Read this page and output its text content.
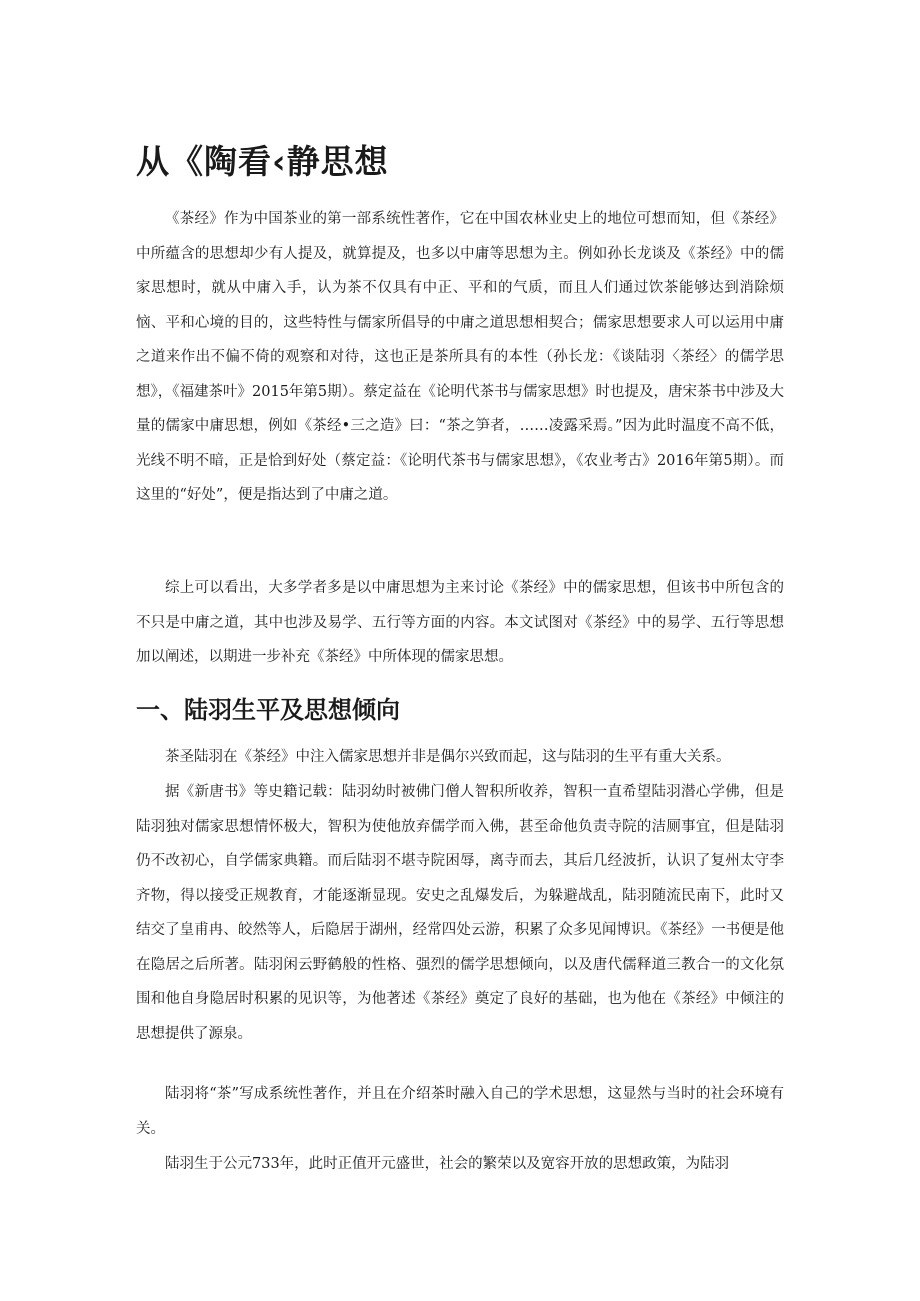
从《陶看‹静思想

《茶经》作为中国茶业的第一部系统性著作，它在中国农林业史上的地位可想而知，但《茶经》中所蕴含的思想却少有人提及，就算提及，也多以中庸等思想为主。例如孙长龙谈及《茶经》中的儒家思想时，就从中庸入手，认为茶不仅具有中正、平和的气质，而且人们通过饮茶能够达到消除烦恼、平和心境的目的，这些特性与儒家所倡导的中庸之道思想相契合；儒家思想要求人可以运用中庸之道来作出不偏不倚的观察和对待，这也正是茶所具有的本性（孙长龙：《谈陆羽〈茶经〉的儒学思想》，《福建茶叶》2015年第5期）。蔡定益在《论明代茶书与儒家思想》时也提及，唐宋茶书中涉及大量的儒家中庸思想，例如《茶经•三之造》曰：“茶之笋者，……凌露采焉。”因为此时温度不高不低，光线不明不暗，正是恰到好处（蔡定益：《论明代茶书与儒家思想》，《农业考古》2016年第5期）。而这里的“好处”，便是指达到了中庸之道。

综上可以看出，大多学者多是以中庸思想为主来讨论《茶经》中的儒家思想，但该书中所包含的不只是中庸之道，其中也涉及易学、五行等方面的内容。本文试图对《茶经》中的易学、五行等思想加以阐述，以期进一步补充《茶经》中所体现的儒家思想。

一、陆羽生平及思想倾向

茶圣陆羽在《茶经》中注入儒家思想并非是偶尔兴致而起，这与陆羽的生平有重大关系。

据《新唐书》等史籍记载：陆羽幼时被佛门僧人智积所收养，智积一直希望陆羽潜心学佛，但是陆羽独对儒家思想情怀极大，智积为使他放弃儒学而入佛，甚至命他负责寺院的洁厕事宜，但是陆羽仍不改初心，自学儒家典籍。而后陆羽不堪寺院困辱，离寺而去，其后几经波折，认识了复州太守李齐物，得以接受正规教育，才能逐渐显现。安史之乱爆发后，为躲避战乱，陆羽随流民南下，此时又结交了皇甫冉、皎然等人，后隐居于湖州，经常四处云游，积累了众多见闻博识。《茶经》一书便是他在隐居之后所著。陆羽闲云野鹤般的性格、强烈的儒学思想倾向，以及唐代儒释道三教合一的文化氛围和他自身隐居时积累的见识等，为他著述《茶经》奠定了良好的基础，也为他在《茶经》中倾注的思想提供了源泉。

陆羽将“茶”写成系统性著作，并且在介绍茶时融入自己的学术思想，这显然与当时的社会环境有关。

陆羽生于公元733年，此时正值开元盛世，社会的繁荣以及宽容开放的思想政策，为陆羽
